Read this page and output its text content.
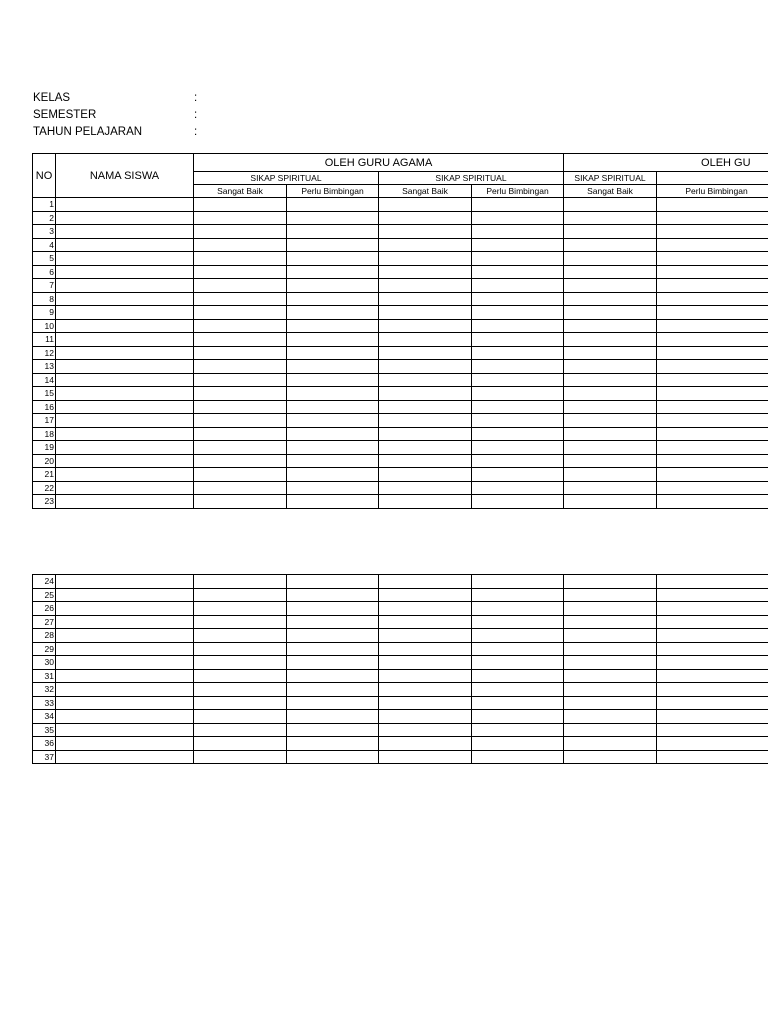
KELAS	:
SEMESTER	:
TAHUN PELAJARAN	:
NO	NAMA SISWA	OLEH GURU AGAMA				OLEH GU	
		SIKAP SPIRITUAL		SIKAP SPIRITUAL		SIKAP SPIRITUAL	
		Sangat Baik	Perlu Bimbingan	Sangat Baik	Perlu Bimbingan	Sangat Baik	Perlu Bimbingan
1							
2							
3							
4							
5							
6							
7							
8							
9							
10							
11							
12							
13							
14							
15							
16							
17							
18							
19							
20							
21							
22							
23							
24							
25							
26							
27							
28							
29							
30							
31							
32							
33							
34							
35							
36							
37							
